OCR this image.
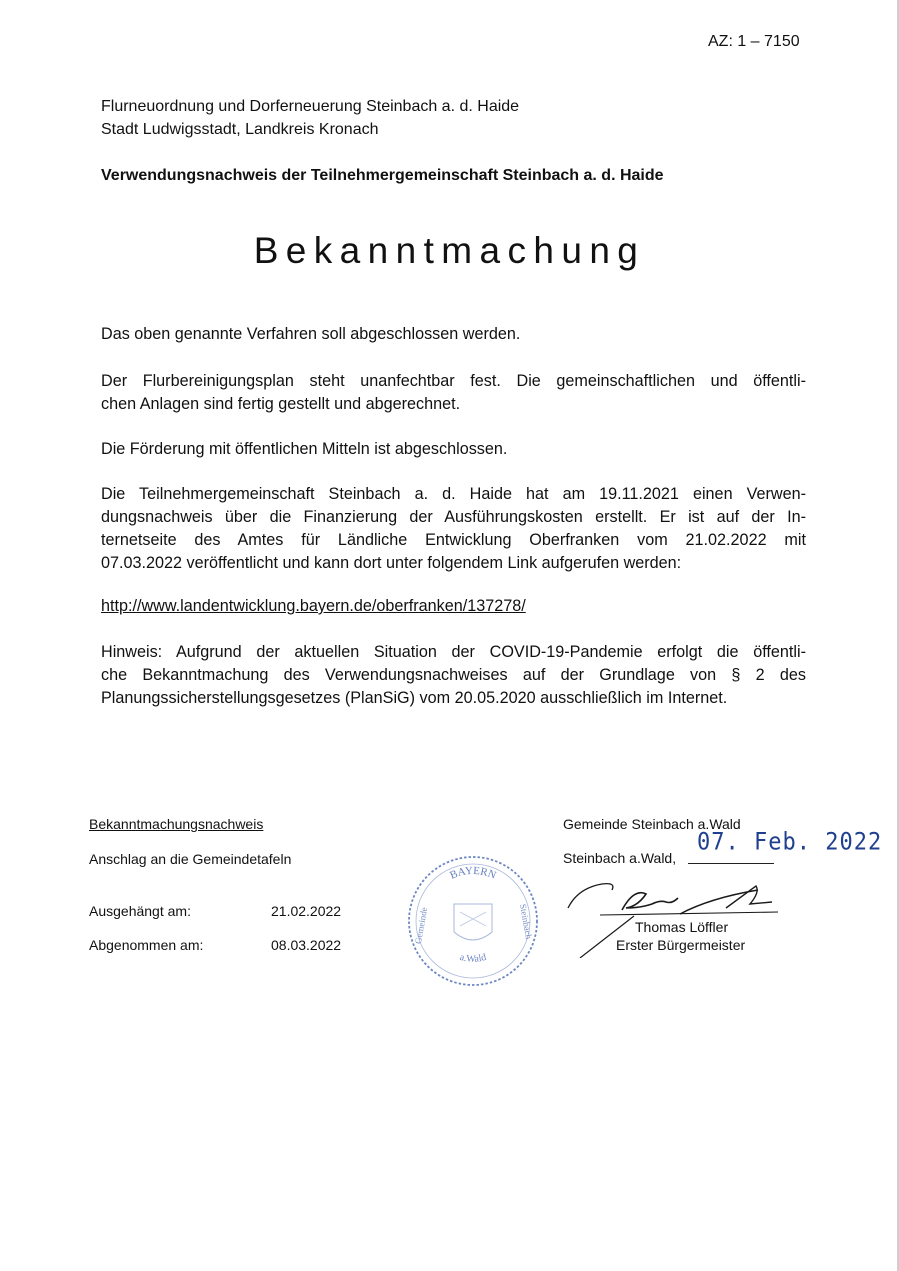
AZ: 1 – 7150
Flurneuordnung und Dorferneuerung Steinbach a. d. Haide
Stadt Ludwigsstadt, Landkreis Kronach
Verwendungsnachweis der Teilnehmergemeinschaft Steinbach a. d. Haide
Bekanntmachung

Das oben genannte Verfahren soll abgeschlossen werden.

Der Flurbereinigungsplan steht unanfechtbar fest. Die gemeinschaftlichen und öffentli-
chen Anlagen sind fertig gestellt und abgerechnet.

Die Förderung mit öffentlichen Mitteln ist abgeschlossen.

Die Teilnehmergemeinschaft Steinbach a. d. Haide hat am 19.11.2021 einen Verwen-
dungsnachweis über die Finanzierung der Ausführungskosten erstellt. Er ist auf der In-
ternetseite des Amtes für Ländliche Entwicklung Oberfranken vom 21.02.2022 mit
07.03.2022 veröffentlicht und kann dort unter folgendem Link aufgerufen werden:

http://www.landentwicklung.bayern.de/oberfranken/137278/

Hinweis: Aufgrund der aktuellen Situation der COVID-19-Pandemie erfolgt die öffentli-
che Bekanntmachung des Verwendungsnachweises auf der Grundlage von § 2 des
Planungssicherstellungsgesetzes (PlanSiG) vom 20.05.2020 ausschließlich im Internet.

Bekanntmachungsnachweis
Anschlag an die Gemeindetafeln
Ausgehängt am:	21.02.2022
Abgenommen am:	08.03.2022
BAYERN
a.Wald
Gemeinde	Steinbach
Gemeinde Steinbach a.Wald
Steinbach a.Wald,
07. Feb. 2022
Thomas Löffler
Erster Bürgermeister
